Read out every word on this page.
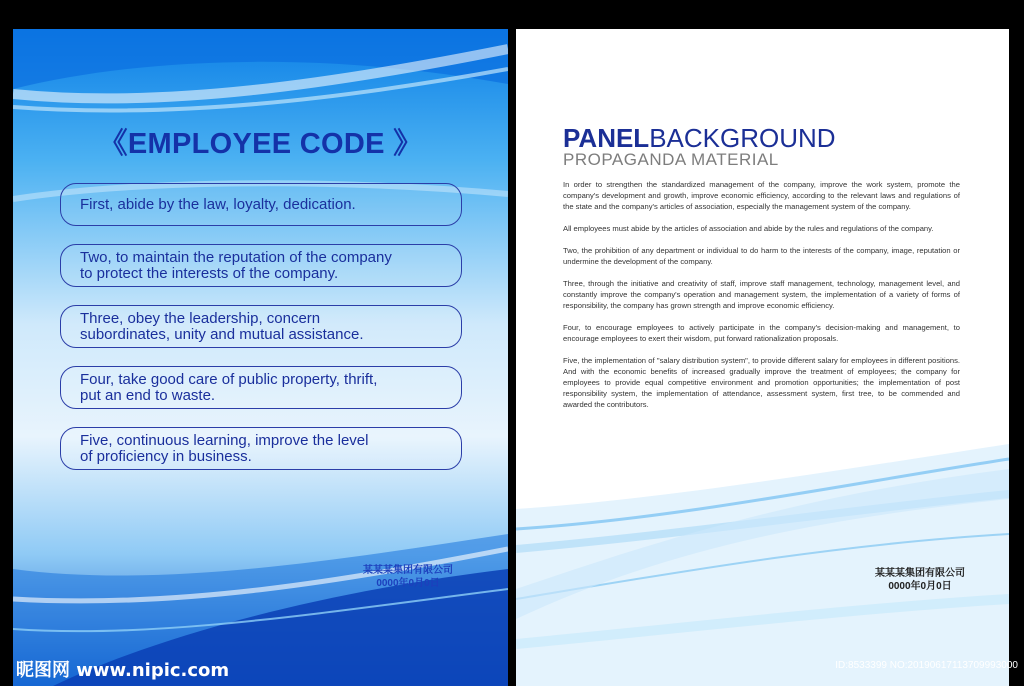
《EMPLOYEE CODE 》
First, abide by the law, loyalty, dedication.
Two, to maintain the reputation of the company
to protect the interests of the company.
Three, obey the leadership, concern
subordinates, unity and mutual assistance.
Four, take good care of public property, thrift,
put an end to waste.
Five, continuous learning, improve the level
of proficiency in business.
某某某集团有限公司
0000年0月0日
昵图网 www.nipic.com
PANELBACKGROUND
PROPAGANDA MATERIAL

In order to strengthen the standardized management of the company, improve the work system, promote the company's development and growth, improve economic efficiency, according to the relevant laws and regulations of the state and the company's articles of association, especially the management system of the company.

All employees must abide by the articles of association and abide by the rules and regulations of the company.

Two, the prohibition of any department or individual to do harm to the interests of the company, image, reputation or undermine the development of the company.

Three, through the initiative and creativity of staff, improve staff management, technology, management level, and constantly improve the company's operation and management system, the implementation of a variety of forms of responsibility, the company has grown strength and improve economic efficiency.

Four, to encourage employees to actively participate in the company's decision-making and management, to encourage employees to exert their wisdom, put forward rationalization proposals.

Five, the implementation of "salary distribution system", to provide different salary for employees in different positions. And with the economic benefits of increased gradually improve the treatment of employees; the company for employees to provide equal competitive environment and promotion opportunities; the implementation of post responsibility system, the implementation of attendance, assessment system, first tree, to be commended and awarded the contributors.

某某某集团有限公司
0000年0月0日
ID:8533399 NO:20190617113709993000
